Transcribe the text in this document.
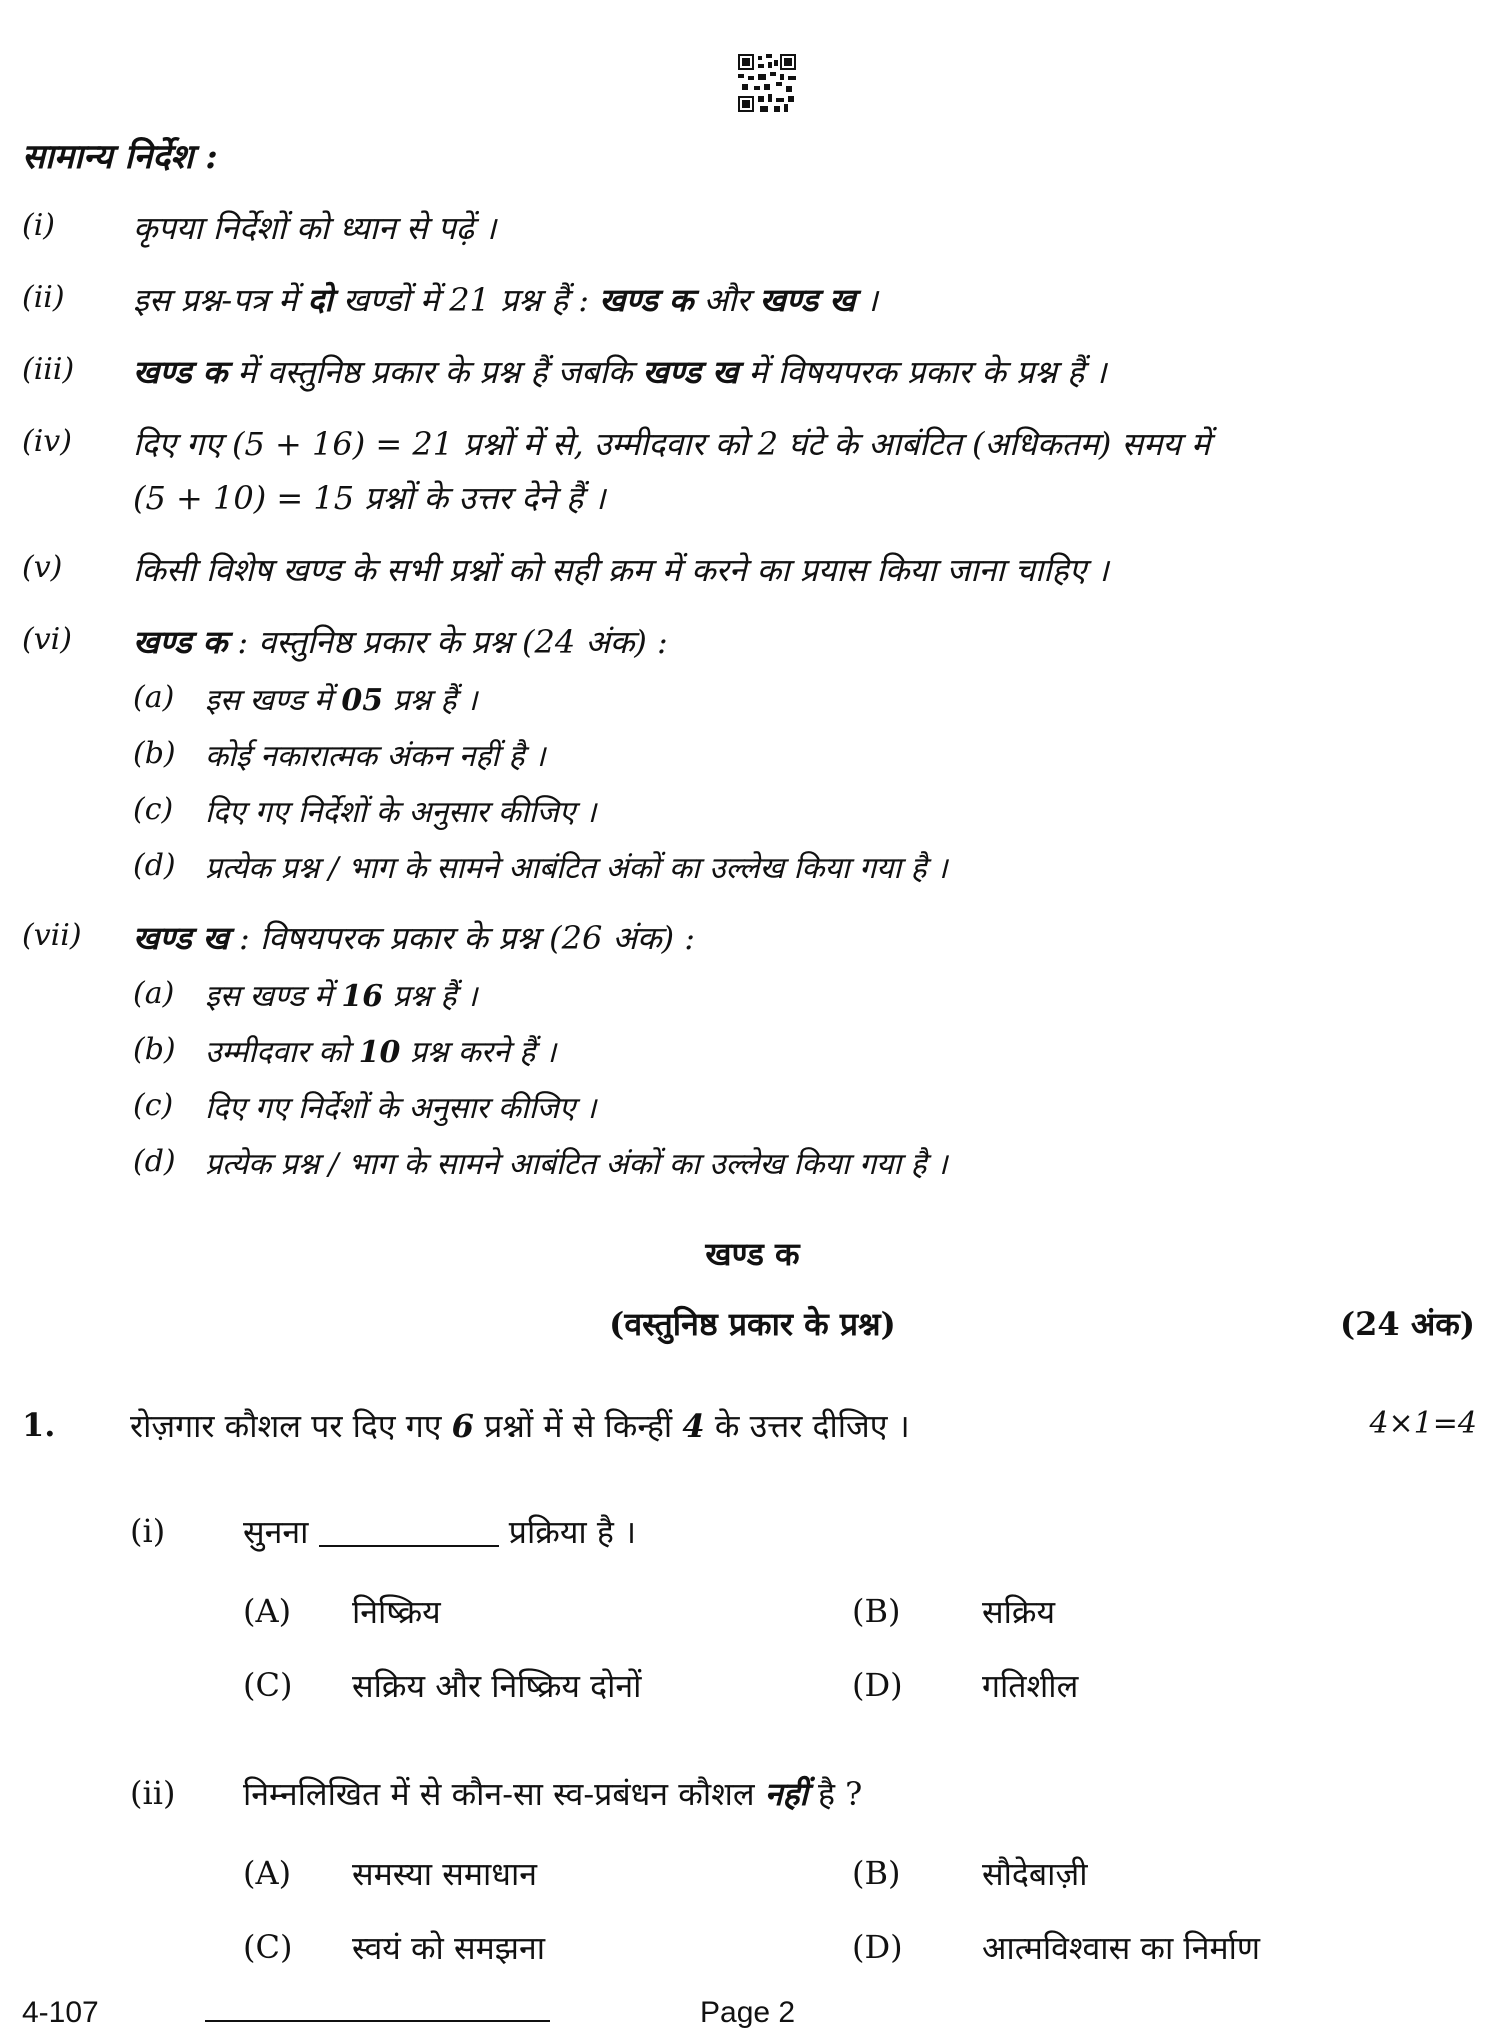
सामान्य निर्देश :
(i) कृपया निर्देशों को ध्यान से पढ़ें ।
(ii) इस प्रश्न-पत्र में दो खण्डों में 21 प्रश्न हैं : खण्ड क और खण्ड ख ।
(iii) खण्ड क में वस्तुनिष्ठ प्रकार के प्रश्न हैं जबकि खण्ड ख में विषयपरक प्रकार के प्रश्न हैं ।
(iv) दिए गए (5 + 16) = 21 प्रश्नों में से, उम्मीदवार को 2 घंटे के आबंटित (अधिकतम) समय में
(5 + 10) = 15 प्रश्नों के उत्तर देने हैं ।
(v) किसी विशेष खण्ड के सभी प्रश्नों को सही क्रम में करने का प्रयास किया जाना चाहिए ।
(vi) खण्ड क : वस्तुनिष्ठ प्रकार के प्रश्न (24 अंक) :
(a) इस खण्ड में 05 प्रश्न हैं ।
(b) कोई नकारात्मक अंकन नहीं है ।
(c) दिए गए निर्देशों के अनुसार कीजिए ।
(d) प्रत्येक प्रश्न / भाग के सामने आबंटित अंकों का उल्लेख किया गया है ।
(vii) खण्ड ख : विषयपरक प्रकार के प्रश्न (26 अंक) :
(a) इस खण्ड में 16 प्रश्न हैं ।
(b) उम्मीदवार को 10 प्रश्न करने हैं ।
(c) दिए गए निर्देशों के अनुसार कीजिए ।
(d) प्रत्येक प्रश्न / भाग के सामने आबंटित अंकों का उल्लेख किया गया है ।
खण्ड क
(वस्तुनिष्ठ प्रकार के प्रश्न)	(24 अंक)
1. रोज़गार कौशल पर दिए गए 6 प्रश्नों में से किन्हीं 4 के उत्तर दीजिए ।	4×1=4
(i) सुनना	प्रक्रिया है ।
(A) निष्क्रिय	(B)	सक्रिय
(C) सक्रिय और निष्क्रिय दोनों	(D) गतिशील
(ii) निम्नलिखित में से कौन-सा स्व-प्रबंधन कौशल नहीं है ?
(A) समस्या समाधान	(B)	सौदेबाज़ी
(C) स्वयं को समझना	(D) आत्मविश्वास का निर्माण
4-107	Page 2
